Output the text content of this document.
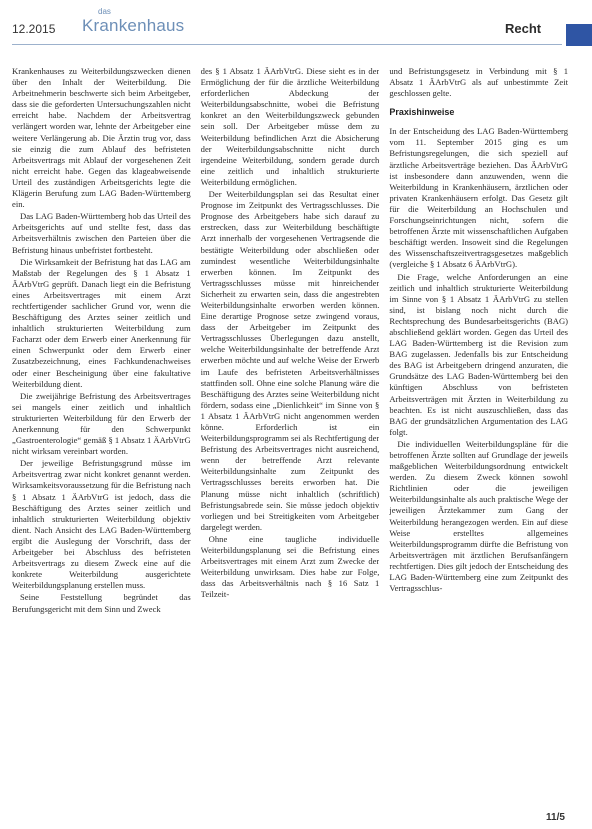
12.2015
das
Krankenhaus	Recht

Krankenhauses zu Weiterbildungszwecken dienen über den Inhalt der Weiterbildung. Die Arbeitnehmerin beschwerte sich beim Arbeitgeber, dass sie die geforderten Untersuchungszahlen nicht erreicht habe. Nachdem der Arbeitsvertrag verlängert worden war, lehnte der Arbeitgeber eine weitere Verlängerung ab. Die Ärztin trug vor, dass sie einzig die zum Ablauf des befristeten Arbeitsvertrags mit Ablauf der vorgesehenen Zeit nicht erreicht habe. Gegen das klageabweisende Urteil des zuständigen Arbeitsgerichts legte die Klägerin Berufung zum LAG Baden-Württemberg ein.

Das LAG Baden-Württemberg hob das Urteil des Arbeitsgerichts auf und stellte fest, dass das Arbeitsverhältnis zwischen den Parteien über die Befristung hinaus unbefristet fortbesteht.

Die Wirksamkeit der Befristung hat das LAG am Maßstab der Regelungen des § 1 Absatz 1 ÄArbVtrG geprüft. Danach liegt ein die Befristung eines Arbeitsvertrages mit einem Arzt rechtfertigender sachlicher Grund vor, wenn die Beschäftigung des Arztes seiner zeitlich und inhaltlich strukturierten Weiterbildung zum Facharzt oder dem Erwerb einer Anerkennung für einen Schwerpunkt oder dem Erwerb einer Zusatzbezeichnung, eines Fachkundenachweises oder einer Bescheinigung über eine fakultative Weiterbildung dient.

Die zweijährige Befristung des Arbeitsvertrages sei mangels einer zeitlich und inhaltlich strukturierten Weiterbildung für den Erwerb der Anerkennung für den Schwerpunkt „Gastroenterologie“ gemäß § 1 Absatz 1 ÄArbVtrG nicht wirksam vereinbart worden.

Der jeweilige Befristungsgrund müsse im Arbeitsvertrag zwar nicht konkret genannt werden. Wirksamkeitsvoraussetzung für die Befristung nach § 1 Absatz 1 ÄArbVtrG ist jedoch, dass die Beschäftigung des Arztes seiner zeitlich und inhaltlich strukturierten Weiterbildung objektiv dient. Nach Ansicht des LAG Baden-Württemberg ergibt die Auslegung der Vorschrift, dass der Arbeitgeber bei Abschluss des befristeten Arbeitsvertrags zu diesem Zweck eine auf die konkrete Weiterbildung ausgerichtete Weiterbildungsplanung erstellen muss.

Seine Feststellung begründet das Berufungsgericht mit dem Sinn und Zweck

des § 1 Absatz 1 ÄArbVtrG. Diese sieht es in der Ermöglichung der für die ärztliche Weiterbildung erforderlichen Abdeckung der Weiterbildungsabschnitte, wobei die Befristung konkret an den Weiterbildungszweck gebunden sein soll. Der Arbeitgeber müsse dem zu Weiterbildung befindlichen Arzt die Absicherung der Weiterbildungsabschnitte nicht durch irgendeine Weiterbildung, sondern gerade durch eine zeitlich und inhaltlich strukturierte Weiterbildung ermöglichen.

Der Weiterbildungsplan sei das Resultat einer Prognose im Zeitpunkt des Vertragsschlusses. Die Prognose des Arbeitgebers habe sich darauf zu erstrecken, dass zur Weiterbildung beschäftigte Arzt innerhalb der vorgesehenen Vertragsende die bestätigte Weiterbildung oder abschließen oder zumindest wesentliche Weiterbildungsinhalte erwerben können. Im Zeitpunkt des Vertragsschlusses müsse mit hinreichender Sicherheit zu erwarten sein, dass die angestrebten Weiterbildungsinhalte erworben werden können. Eine derartige Prognose setze zwingend voraus, dass der Arbeitgeber im Zeitpunkt des Vertragsschlusses Überlegungen dazu anstellt, welche Weiterbildungsinhalte der betreffende Arzt erwerben möchte und auf welche Weise der Erwerb im Laufe des befristeten Arbeitsverhältnisses stattfinden soll. Ohne eine solche Planung wäre die Beschäftigung des Arztes seine Weiterbildung nicht fördern, sodass eine „Dienlichkeit“ im Sinne von § 1 Absatz 1 ÄArbVtrG nicht angenommen werden könne. Erforderlich ist ein Weiterbildungsprogramm sei als Rechtfertigung der Befristung des Arbeitsvertrages nicht ausreichend, wenn der betreffende Arzt relevante Weiterbildungsinhalte zum Zeitpunkt des Vertragsschlusses bereits erworben hat. Die Planung müsse nicht inhaltlich (schriftlich) Befristungsabrede sein. Sie müsse jedoch objektiv vorliegen und bei Streitigkeiten vom Arbeitgeber dargelegt werden.

Ohne eine taugliche individuelle Weiterbildungsplanung sei die Befristung eines Arbeitsvertrages mit einem Arzt zum Zwecke der Weiterbildung unwirksam. Dies habe zur Folge, dass das Arbeitsverhältnis nach § 16 Satz 1 Teilzeit-

und Befristungsgesetz in Verbindung mit § 1 Absatz 1 ÄArbVtrG als auf unbestimmte Zeit geschlossen gelte.

Praxishinweise

In der Entscheidung des LAG Baden-Württemberg vom 11. September 2015 ging es um Befristungsregelungen, die sich speziell auf ärztliche Arbeitsverträge beziehen. Das ÄArbVtrG ist insbesondere dann anzuwenden, wenn die Weiterbildung in Krankenhäusern, ärztlichen oder privaten Krankenhäusern erfolgt. Das Gesetz gilt für die Weiterbildung an Hochschulen und Forschungseinrichtungen nicht, sofern die betroffenen Ärzte mit wissenschaftlichen Aufgaben beschäftigt werden. Insoweit sind die Regelungen des Wissenschaftszeitvertragsgesetzes maßgeblich (vergleiche § 1 Absatz 6 ÄArbVtrG).

Die Frage, welche Anforderungen an eine zeitlich und inhaltlich strukturierte Weiterbildung im Sinne von § 1 Absatz 1 ÄArbVtrG zu stellen sind, ist bislang noch nicht durch die Rechtsprechung des Bundesarbeitsgerichts (BAG) abschließend geklärt worden. Gegen das Urteil des LAG Baden-Württemberg ist die Revision zum BAG zugelassen. Jedenfalls bis zur Entscheidung des BAG ist Arbeitgebern dringend anzuraten, die Grundsätze des LAG Baden-Württemberg bei den künftigen Abschluss von befristeten Arbeitsverträgen mit Ärzten in Weiterbildung zu beachten. Es ist nicht auszuschließen, dass das BAG der grundsätzlichen Argumentation des LAG folgt.

Die individuellen Weiterbildungspläne für die betroffenen Ärzte sollten auf Grundlage der jeweils maßgeblichen Weiterbildungsordnung entwickelt werden. Zu diesem Zweck können sowohl Richtlinien oder die jeweiligen Weiterbildungsinhalte als auch praktische Wege der jeweiligen Ärztekammer zum Gang der Weiterbildung herangezogen werden. Ein auf diese Weise erstelltes allgemeines Weiterbildungsprogramm dürfte die Befristung von Arbeitsverträgen mit ärztlichen Berufsanfängern rechtfertigen. Dies gilt jedoch der Entscheidung des LAG Baden-Württemberg eine zum Zeitpunkt des Vertragsschlus-

11/5
